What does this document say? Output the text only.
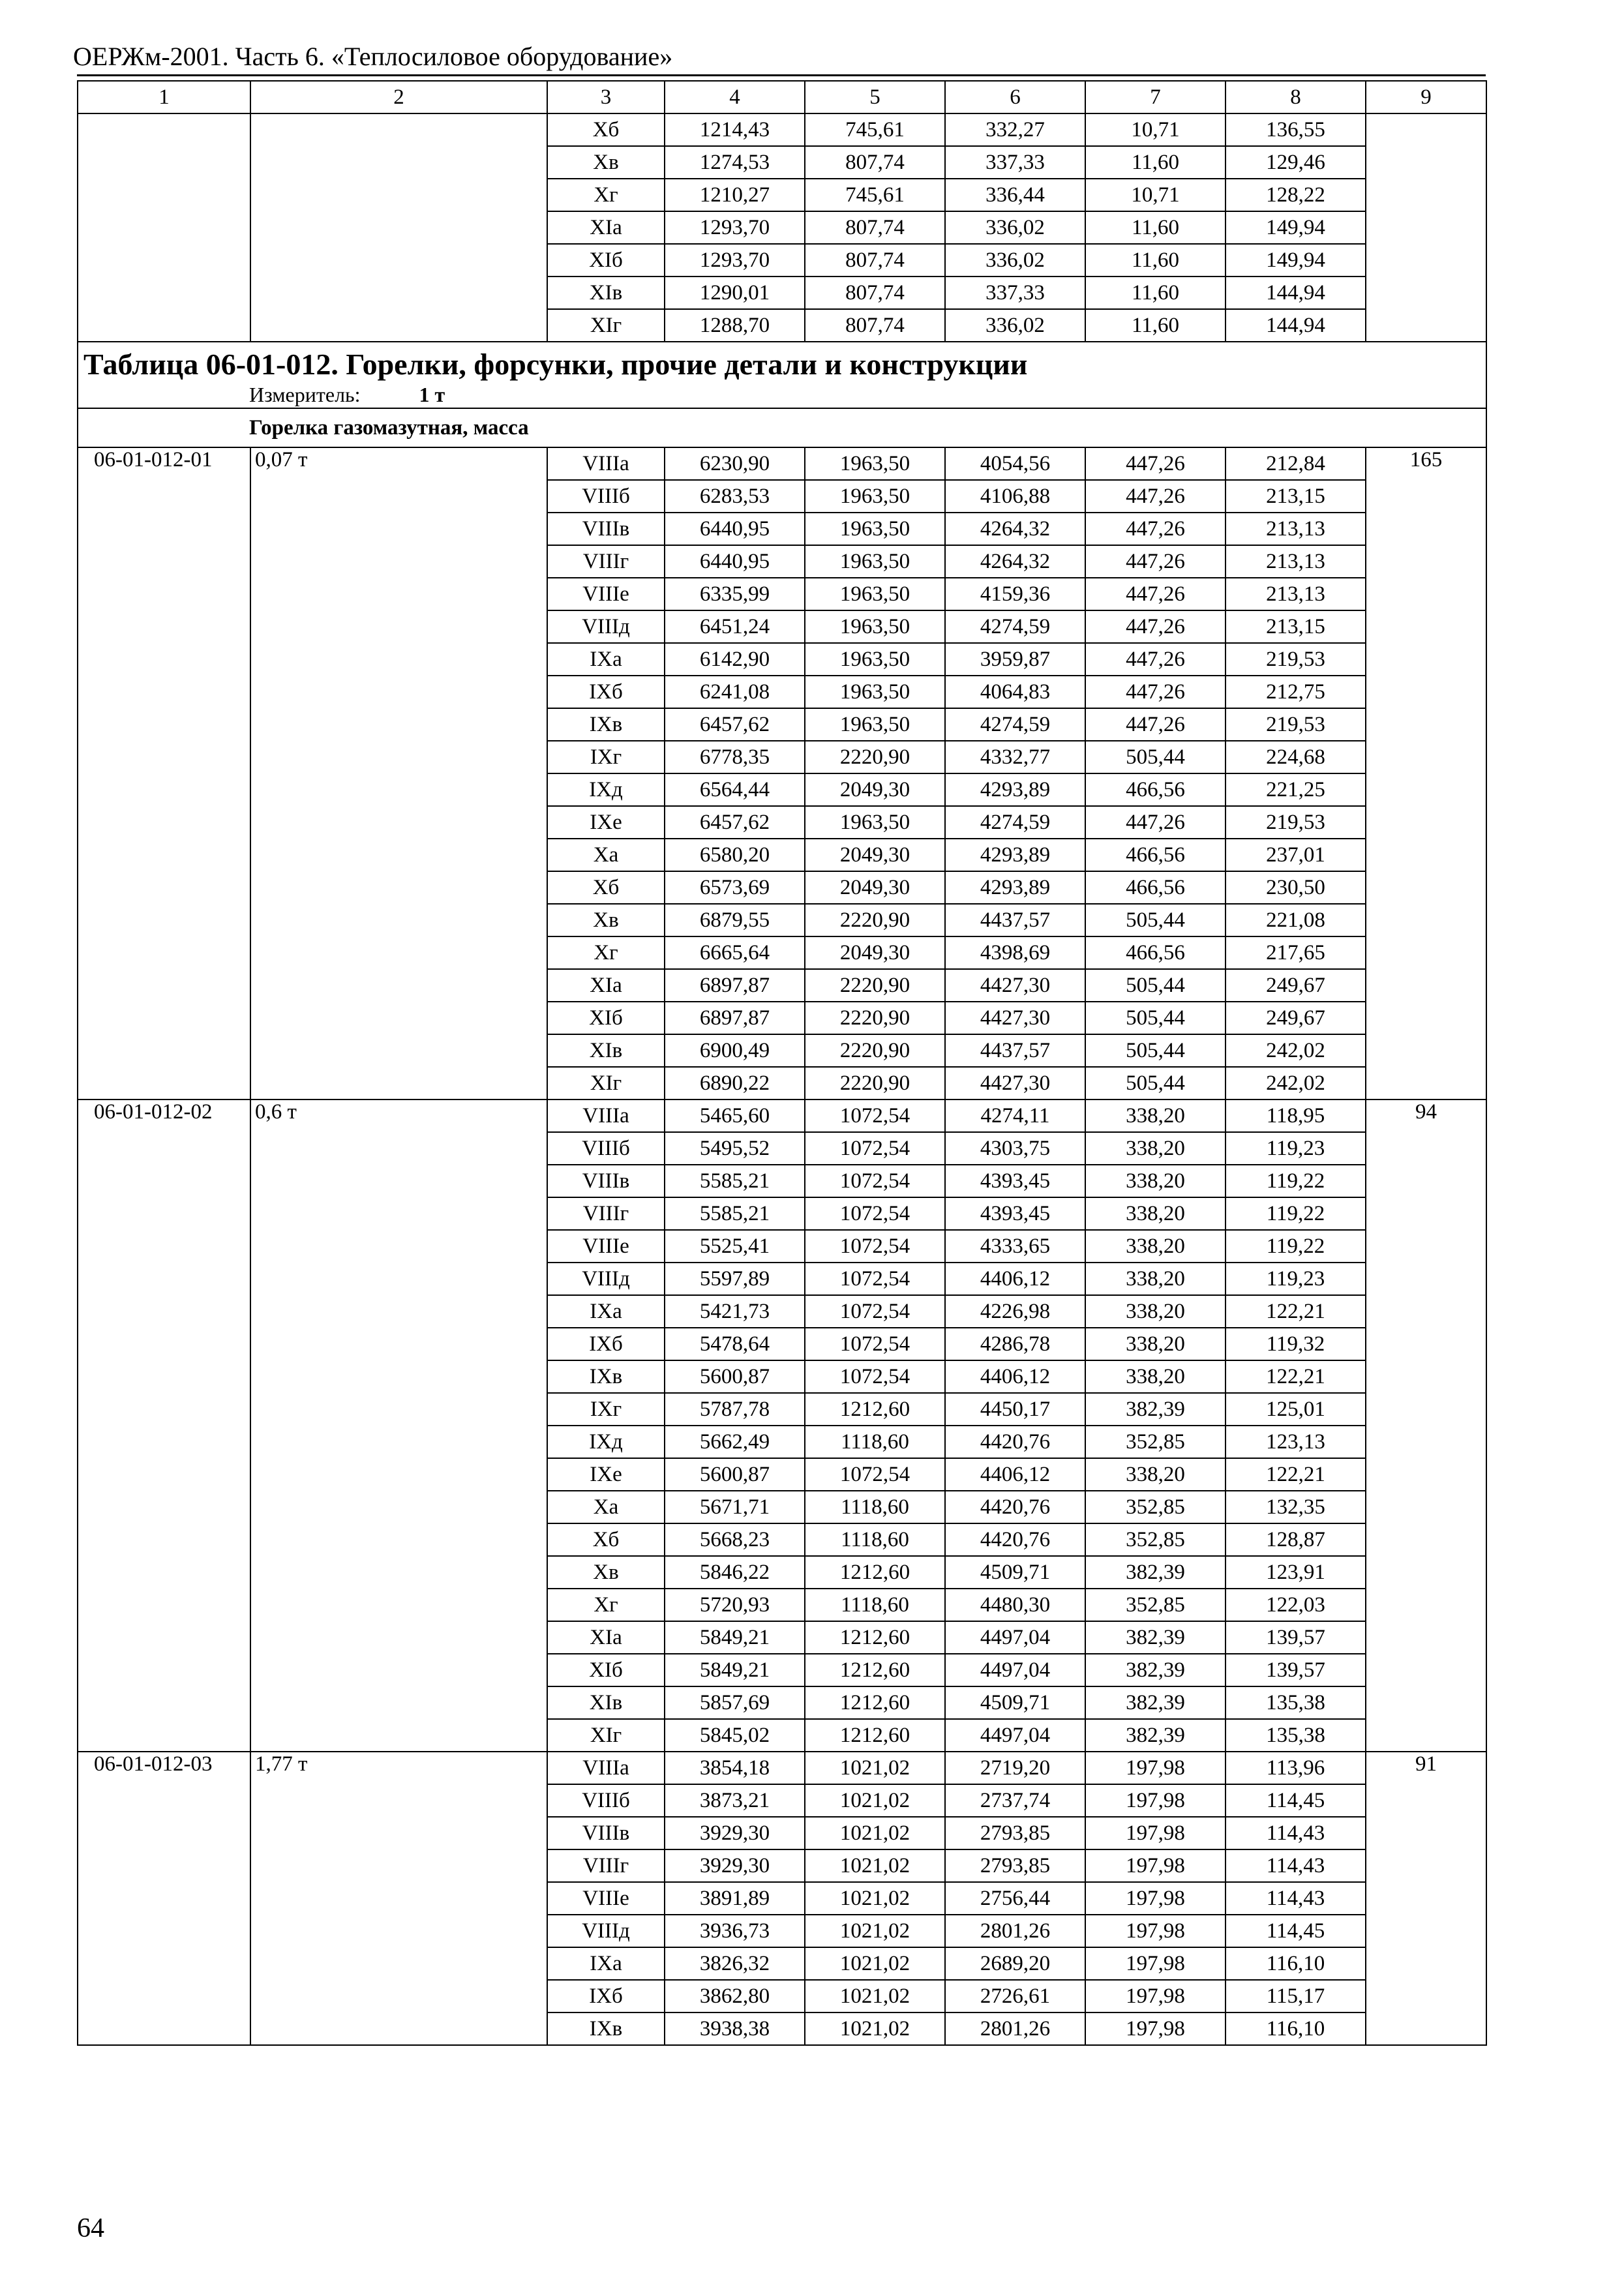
ОЕРЖм-2001. Часть 6. «Теплосиловое оборудование»
1	2	3	4	5	6	7	8	9
		Xб	1214,43	745,61	332,27	10,71	136,55	
		Xв	1274,53	807,74	337,33	11,60	129,46	
		Xг	1210,27	745,61	336,44	10,71	128,22	
		XIa	1293,70	807,74	336,02	11,60	149,94	
		XIб	1293,70	807,74	336,02	11,60	149,94	
		XIв	1290,01	807,74	337,33	11,60	144,94	
		XIг	1288,70	807,74	336,02	11,60	144,94	
Таблица 06-01-012. Горелки, форсунки, прочие детали и конструкции								
Измеритель: 1 т								
Горелка газомазутная, масса								
06-01-012-01	0,07 т	VIIIa	6230,90	1963,50	4054,56	447,26	212,84	165
		VIIIб	6283,53	1963,50	4106,88	447,26	213,15	
		VIIIв	6440,95	1963,50	4264,32	447,26	213,13	
		VIIIг	6440,95	1963,50	4264,32	447,26	213,13	
		VIIIe	6335,99	1963,50	4159,36	447,26	213,13	
		VIIIд	6451,24	1963,50	4274,59	447,26	213,15	
		IXa	6142,90	1963,50	3959,87	447,26	219,53	
		IXб	6241,08	1963,50	4064,83	447,26	212,75	
		IXв	6457,62	1963,50	4274,59	447,26	219,53	
		IXг	6778,35	2220,90	4332,77	505,44	224,68	
		IXд	6564,44	2049,30	4293,89	466,56	221,25	
		IXe	6457,62	1963,50	4274,59	447,26	219,53	
		Xa	6580,20	2049,30	4293,89	466,56	237,01	
		Xб	6573,69	2049,30	4293,89	466,56	230,50	
		Xв	6879,55	2220,90	4437,57	505,44	221,08	
		Xг	6665,64	2049,30	4398,69	466,56	217,65	
		XIa	6897,87	2220,90	4427,30	505,44	249,67	
		XIб	6897,87	2220,90	4427,30	505,44	249,67	
		XIв	6900,49	2220,90	4437,57	505,44	242,02	
		XIг	6890,22	2220,90	4427,30	505,44	242,02	
06-01-012-02	0,6 т	VIIIa	5465,60	1072,54	4274,11	338,20	118,95	94
		VIIIб	5495,52	1072,54	4303,75	338,20	119,23	
		VIIIв	5585,21	1072,54	4393,45	338,20	119,22	
		VIIIг	5585,21	1072,54	4393,45	338,20	119,22	
		VIIIe	5525,41	1072,54	4333,65	338,20	119,22	
		VIIIд	5597,89	1072,54	4406,12	338,20	119,23	
		IXa	5421,73	1072,54	4226,98	338,20	122,21	
		IXб	5478,64	1072,54	4286,78	338,20	119,32	
		IXв	5600,87	1072,54	4406,12	338,20	122,21	
		IXг	5787,78	1212,60	4450,17	382,39	125,01	
		IXд	5662,49	1118,60	4420,76	352,85	123,13	
		IXe	5600,87	1072,54	4406,12	338,20	122,21	
		Xa	5671,71	1118,60	4420,76	352,85	132,35	
		Xб	5668,23	1118,60	4420,76	352,85	128,87	
		Xв	5846,22	1212,60	4509,71	382,39	123,91	
		Xг	5720,93	1118,60	4480,30	352,85	122,03	
		XIa	5849,21	1212,60	4497,04	382,39	139,57	
		XIб	5849,21	1212,60	4497,04	382,39	139,57	
		XIв	5857,69	1212,60	4509,71	382,39	135,38	
		XIг	5845,02	1212,60	4497,04	382,39	135,38	
06-01-012-03	1,77 т	VIIIa	3854,18	1021,02	2719,20	197,98	113,96	91
		VIIIб	3873,21	1021,02	2737,74	197,98	114,45	
		VIIIв	3929,30	1021,02	2793,85	197,98	114,43	
		VIIIг	3929,30	1021,02	2793,85	197,98	114,43	
		VIIIe	3891,89	1021,02	2756,44	197,98	114,43	
		VIIIд	3936,73	1021,02	2801,26	197,98	114,45	
		IXa	3826,32	1021,02	2689,20	197,98	116,10	
		IXб	3862,80	1021,02	2726,61	197,98	115,17	
		IXв	3938,38	1021,02	2801,26	197,98	116,10	
64
